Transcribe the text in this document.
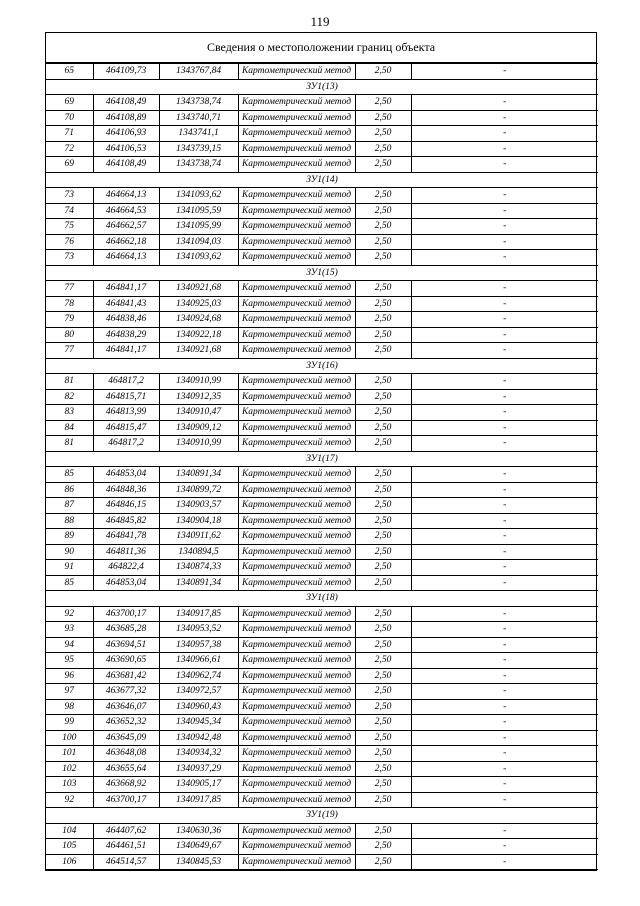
119
Сведения о местоположении границ объекта
65	464109,73	1343767,84	Картометрический метод	2,50	-
ЗУ1(13)					
69	464108,49	1343738,74	Картометрический метод	2,50	-
70	464108,89	1343740,71	Картометрический метод	2,50	-
71	464106,93	1343741,1	Картометрический метод	2,50	-
72	464106,53	1343739,15	Картометрический метод	2,50	-
69	464108,49	1343738,74	Картометрический метод	2,50	-
ЗУ1(14)					
73	464664,13	1341093,62	Картометрический метод	2,50	-
74	464664,53	1341095,59	Картометрический метод	2,50	-
75	464662,57	1341095,99	Картометрический метод	2,50	-
76	464662,18	1341094,03	Картометрический метод	2,50	-
73	464664,13	1341093,62	Картометрический метод	2,50	-
ЗУ1(15)					
77	464841,17	1340921,68	Картометрический метод	2,50	-
78	464841,43	1340925,03	Картометрический метод	2,50	-
79	464838,46	1340924,68	Картометрический метод	2,50	-
80	464838,29	1340922,18	Картометрический метод	2,50	-
77	464841,17	1340921,68	Картометрический метод	2,50	-
ЗУ1(16)					
81	464817,2	1340910,99	Картометрический метод	2,50	-
82	464815,71	1340912,35	Картометрический метод	2,50	-
83	464813,99	1340910,47	Картометрический метод	2,50	-
84	464815,47	1340909,12	Картометрический метод	2,50	-
81	464817,2	1340910,99	Картометрический метод	2,50	-
ЗУ1(17)					
85	464853,04	1340891,34	Картометрический метод	2,50	-
86	464848,36	1340899,72	Картометрический метод	2,50	-
87	464846,15	1340903,57	Картометрический метод	2,50	-
88	464845,82	1340904,18	Картометрический метод	2,50	-
89	464841,78	1340911,62	Картометрический метод	2,50	-
90	464811,36	1340894,5	Картометрический метод	2,50	-
91	464822,4	1340874,33	Картометрический метод	2,50	-
85	464853,04	1340891,34	Картометрический метод	2,50	-
ЗУ1(18)					
92	463700,17	1340917,85	Картометрический метод	2,50	-
93	463685,28	1340953,52	Картометрический метод	2,50	-
94	463694,51	1340957,38	Картометрический метод	2,50	-
95	463690,65	1340966,61	Картометрический метод	2,50	-
96	463681,42	1340962,74	Картометрический метод	2,50	-
97	463677,32	1340972,57	Картометрический метод	2,50	-
98	463646,07	1340960,43	Картометрический метод	2,50	-
99	463652,32	1340945,34	Картометрический метод	2,50	-
100	463645,09	1340942,48	Картометрический метод	2,50	-
101	463648,08	1340934,32	Картометрический метод	2,50	-
102	463655,64	1340937,29	Картометрический метод	2,50	-
103	463668,92	1340905,17	Картометрический метод	2,50	-
92	463700,17	1340917,85	Картометрический метод	2,50	-
ЗУ1(19)					
104	464407,62	1340630,36	Картометрический метод	2,50	-
105	464461,51	1340649,67	Картометрический метод	2,50	-
106	464514,57	1340845,53	Картометрический метод	2,50	-
